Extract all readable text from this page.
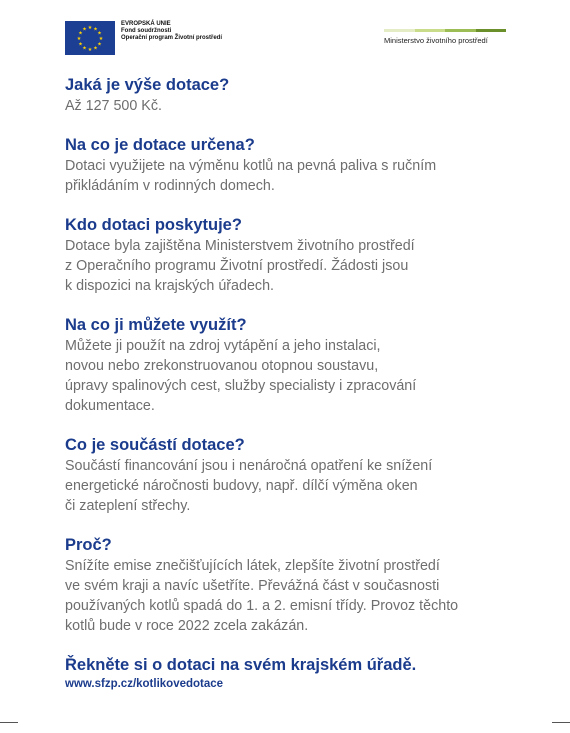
★ ★
★
★
★
★
★
★
★
★
★
★
EVROPSKÁ UNIE
Fond soudržnosti
Operační program Životní prostředí	Ministerstvo životního prostředí
Jaká je výše dotace?

Až 127 500 Kč.

Na co je dotace určena?

Dotaci využijete na výměnu kotlů na pevná paliva s ručním

přikládáním v rodinných domech.

Kdo dotaci poskytuje?

Dotace byla zajištěna Ministerstvem životního prostředí

z Operačního programu Životní prostředí. Žádosti jsou

k dispozici na krajských úřadech.

Na co ji můžete využít?

Můžete ji použít na zdroj vytápění a jeho instalaci,

novou nebo zrekonstruovanou otopnou soustavu,

úpravy spalinových cest, služby specialisty i zpracování

dokumentace.

Co je součástí dotace?

Součástí financování jsou i nenáročná opatření ke snížení

energetické náročnosti budovy, např. dílčí výměna oken

či zateplení střechy.

Proč?

Snížíte emise znečišťujících látek, zlepšíte životní prostředí

ve svém kraji a navíc ušetříte. Převážná část v současnosti

používaných kotlů spadá do 1. a 2. emisní třídy. Provoz těchto

kotlů bude v roce 2022 zcela zakázán.

Řekněte si o dotaci na svém krajském úřadě.
www.sfzp.cz/kotlikovedotace
